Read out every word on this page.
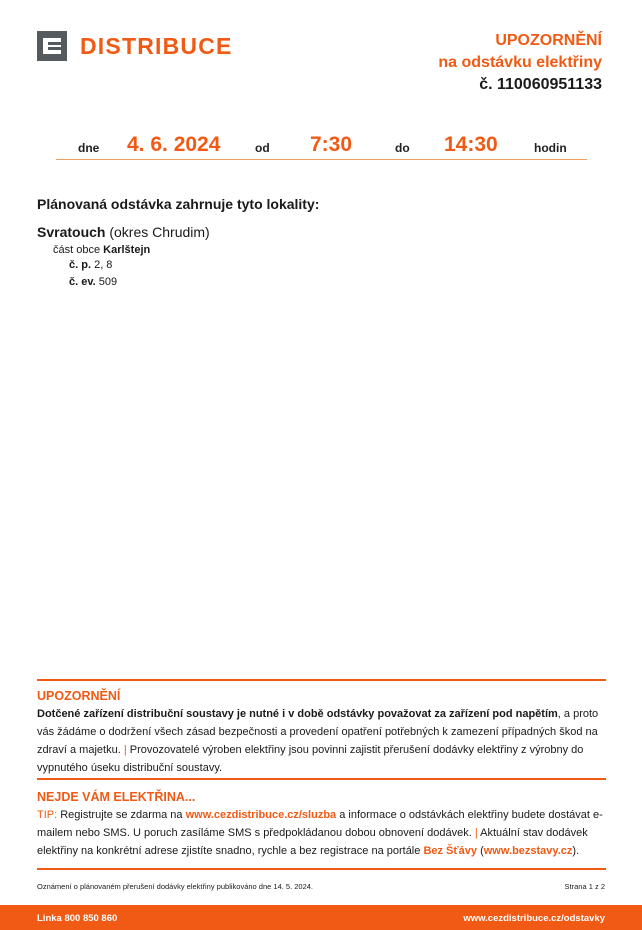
DISTRIBUCE	UPOZORNĚNÍ
na odstávku elektřiny
č. 110060951133
dne 4. 6. 2024	od 7:30	do 14:30	hodin
Plánovaná odstávka zahrnuje tyto lokality:
Svratouch (okres Chrudim)
část obce Karlštejn
č. p. 2, 8
č. ev. 509
UPOZORNĚNÍ
Dotčené zařízení distribuční soustavy je nutné i v době odstávky považovat za zařízení pod napětím, a proto vás žádáme o dodržení všech zásad bezpečnosti a provedení opatření potřebných k zamezení případných škod na zdraví a majetku. | Provozovatelé výroben elektřiny jsou povinni zajistit přerušení dodávky elektřiny z výrobny do vypnutého úseku distribuční soustavy.
NEJDE VÁM ELEKTŘINA...
TIP: Registrujte se zdarma na www.cezdistribuce.cz/sluzba a informace o odstávkách elektřiny budete dostávat e-mailem nebo SMS. U poruch zasíláme SMS s předpokládanou dobou obnovení dodávek. | Aktuální stav dodávek elektřiny na konkrétní adrese zjistíte snadno, rychle a bez registrace na portále Bez Šťávy (www.bezstavy.cz).
Oznámení o plánovaném přerušení dodávky elektřiny publikováno dne 14. 5. 2024.	Strana 1 z 2
Linka 800 850 860	www.cezdistribuce.cz/odstavky
